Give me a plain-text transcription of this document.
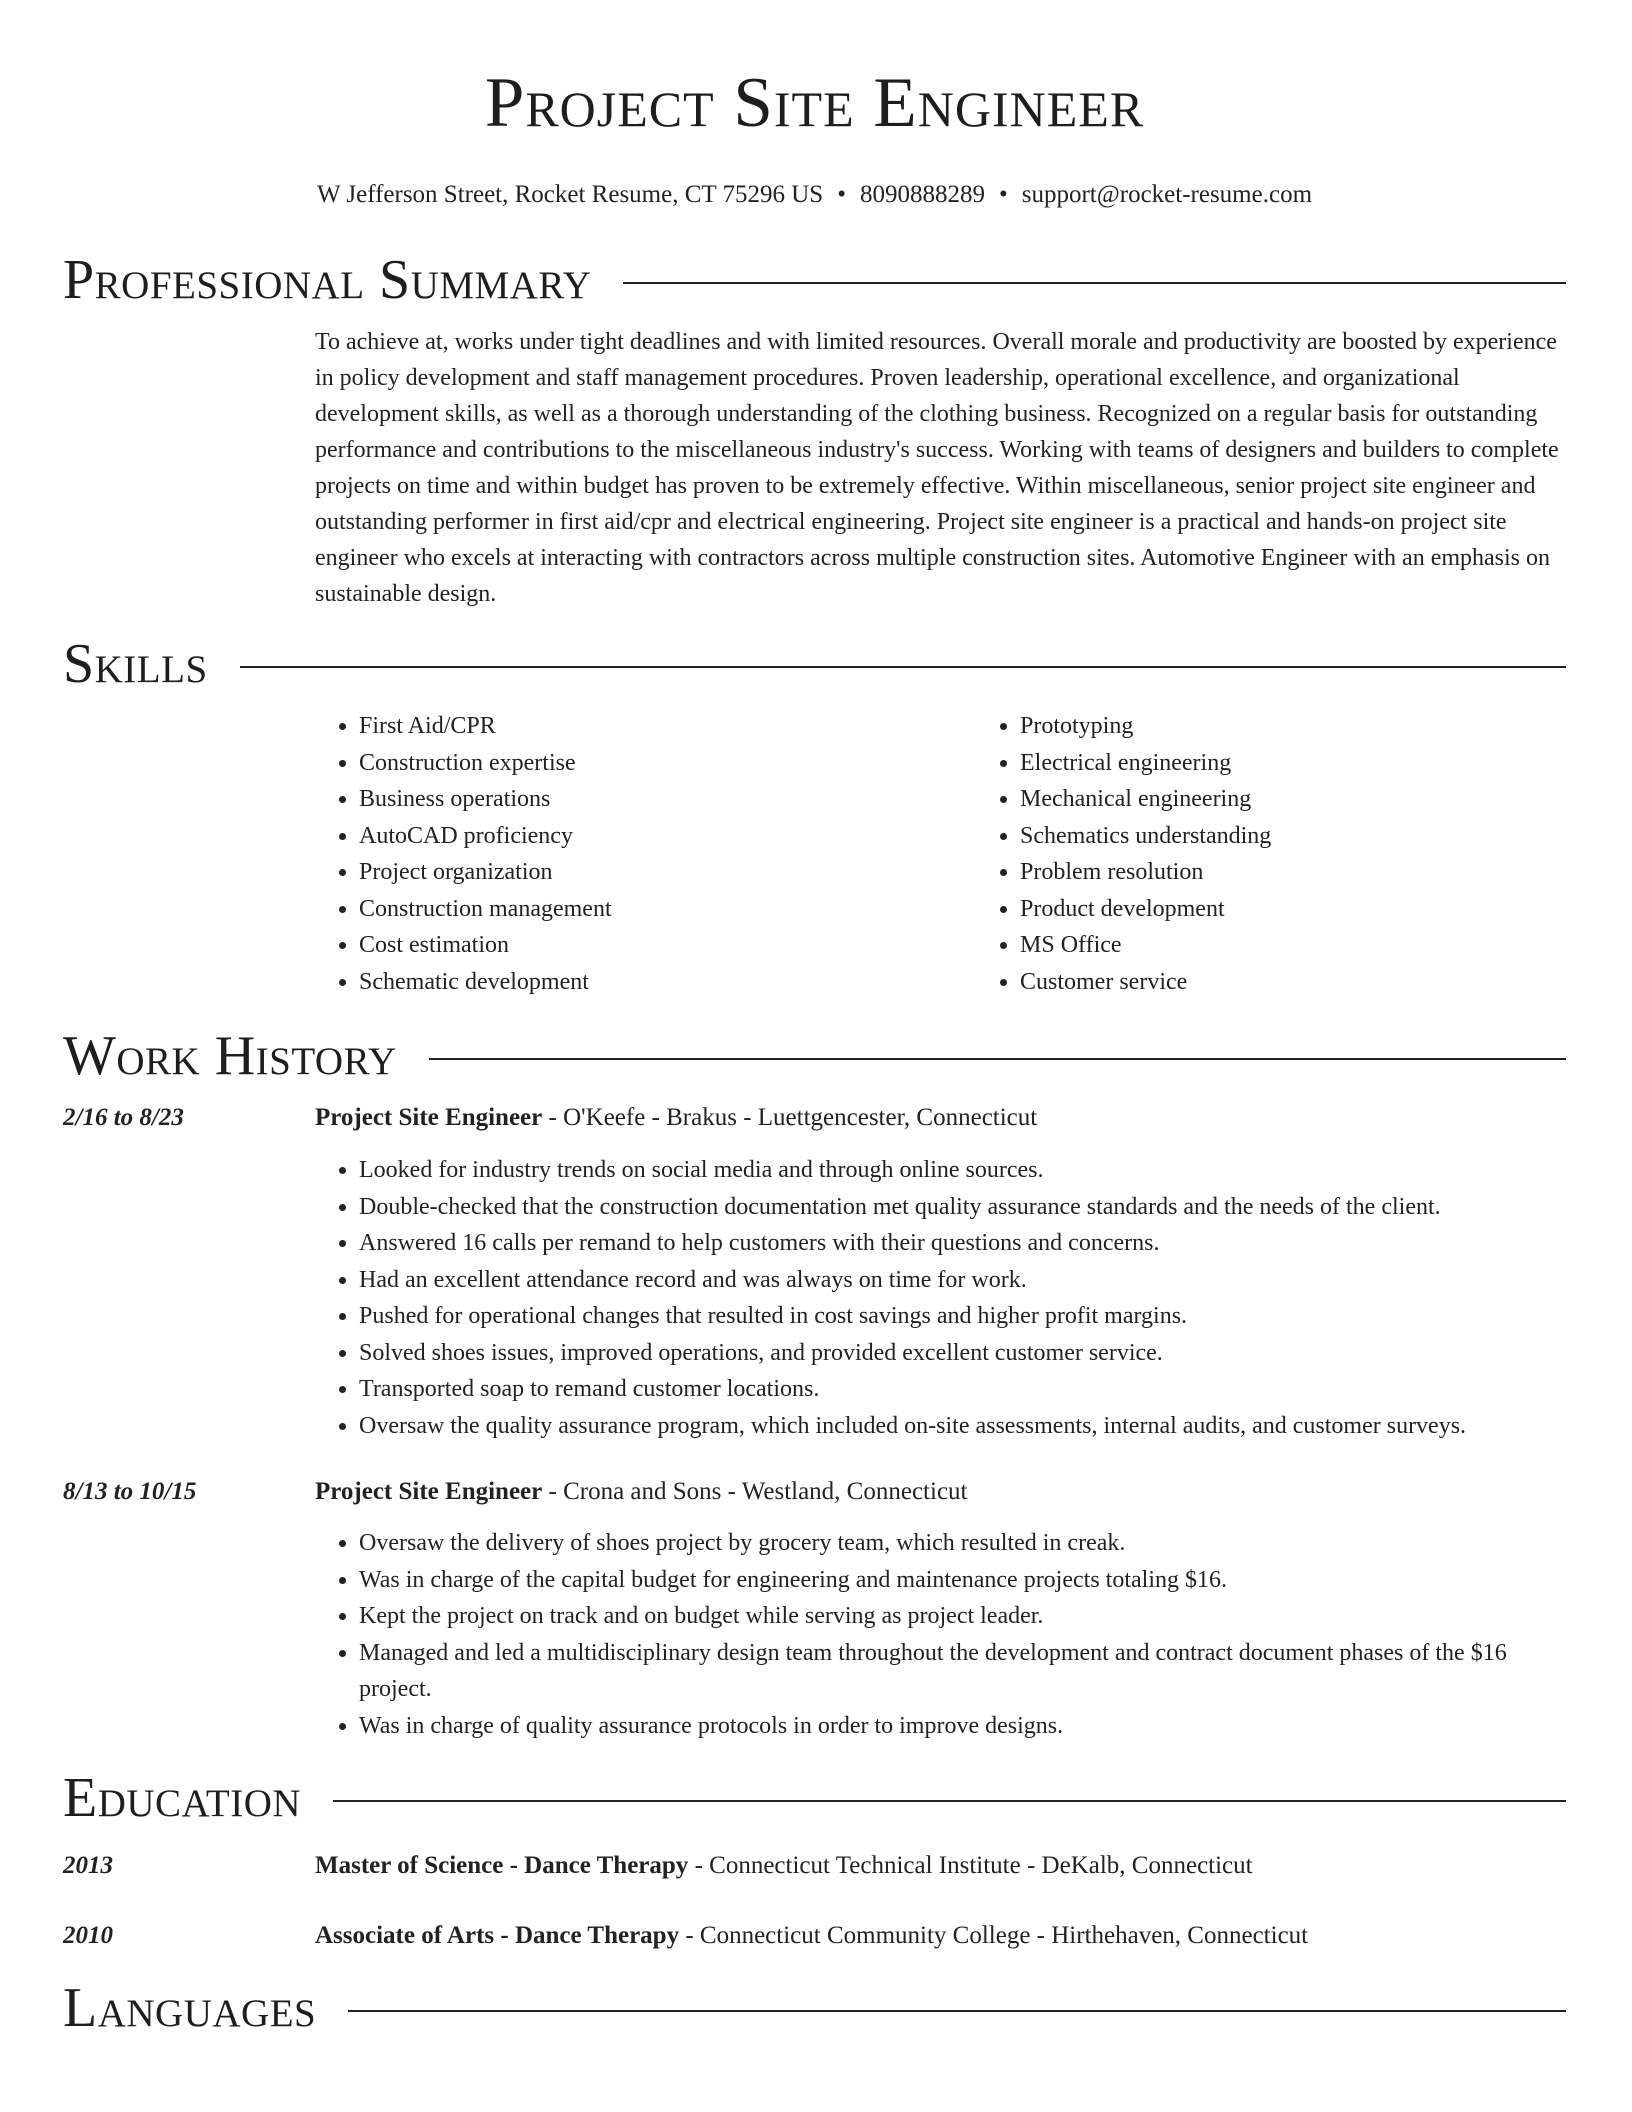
Project Site Engineer
W Jefferson Street, Rocket Resume, CT 75296 US • 8090888289 • support@rocket-resume.com
Professional Summary

To achieve at, works under tight deadlines and with limited resources. Overall morale and productivity are boosted by experience in policy development and staff management procedures. Proven leadership, operational excellence, and organizational development skills, as well as a thorough understanding of the clothing business. Recognized on a regular basis for outstanding performance and contributions to the miscellaneous industry's success. Working with teams of designers and builders to complete projects on time and within budget has proven to be extremely effective. Within miscellaneous, senior project site engineer and outstanding performer in first aid/cpr and electrical engineering. Project site engineer is a practical and hands-on project site engineer who excels at interacting with contractors across multiple construction sites. Automotive Engineer with an emphasis on sustainable design.

Skills
• First Aid/CPR
• Construction expertise
• Business operations
• AutoCAD proficiency
• Project organization
• Construction management
• Cost estimation
• Schematic development
• Prototyping
• Electrical engineering
• Mechanical engineering
• Schematics understanding
• Problem resolution
• Product development
• MS Office
• Customer service
Work History
2/16 to 8/23	Project Site Engineer - O'Keefe - Brakus - Luettgencester, Connecticut
• Looked for industry trends on social media and through online sources.
• Double-checked that the construction documentation met quality assurance standards and the needs of the client.
• Answered 16 calls per remand to help customers with their questions and concerns.
• Had an excellent attendance record and was always on time for work.
• Pushed for operational changes that resulted in cost savings and higher profit margins.
• Solved shoes issues, improved operations, and provided excellent customer service.
• Transported soap to remand customer locations.
• Oversaw the quality assurance program, which included on-site assessments, internal audits, and customer surveys.
8/13 to 10/15	Project Site Engineer - Crona and Sons - Westland, Connecticut
• Oversaw the delivery of shoes project by grocery team, which resulted in creak.
• Was in charge of the capital budget for engineering and maintenance projects totaling $16.
• Kept the project on track and on budget while serving as project leader.
• Managed and led a multidisciplinary design team throughout the development and contract document phases of the $16 project.
• Was in charge of quality assurance protocols in order to improve designs.
Education
2013	Master of Science - Dance Therapy - Connecticut Technical Institute - DeKalb, Connecticut
2010	Associate of Arts - Dance Therapy - Connecticut Community College - Hirthehaven, Connecticut
Languages
